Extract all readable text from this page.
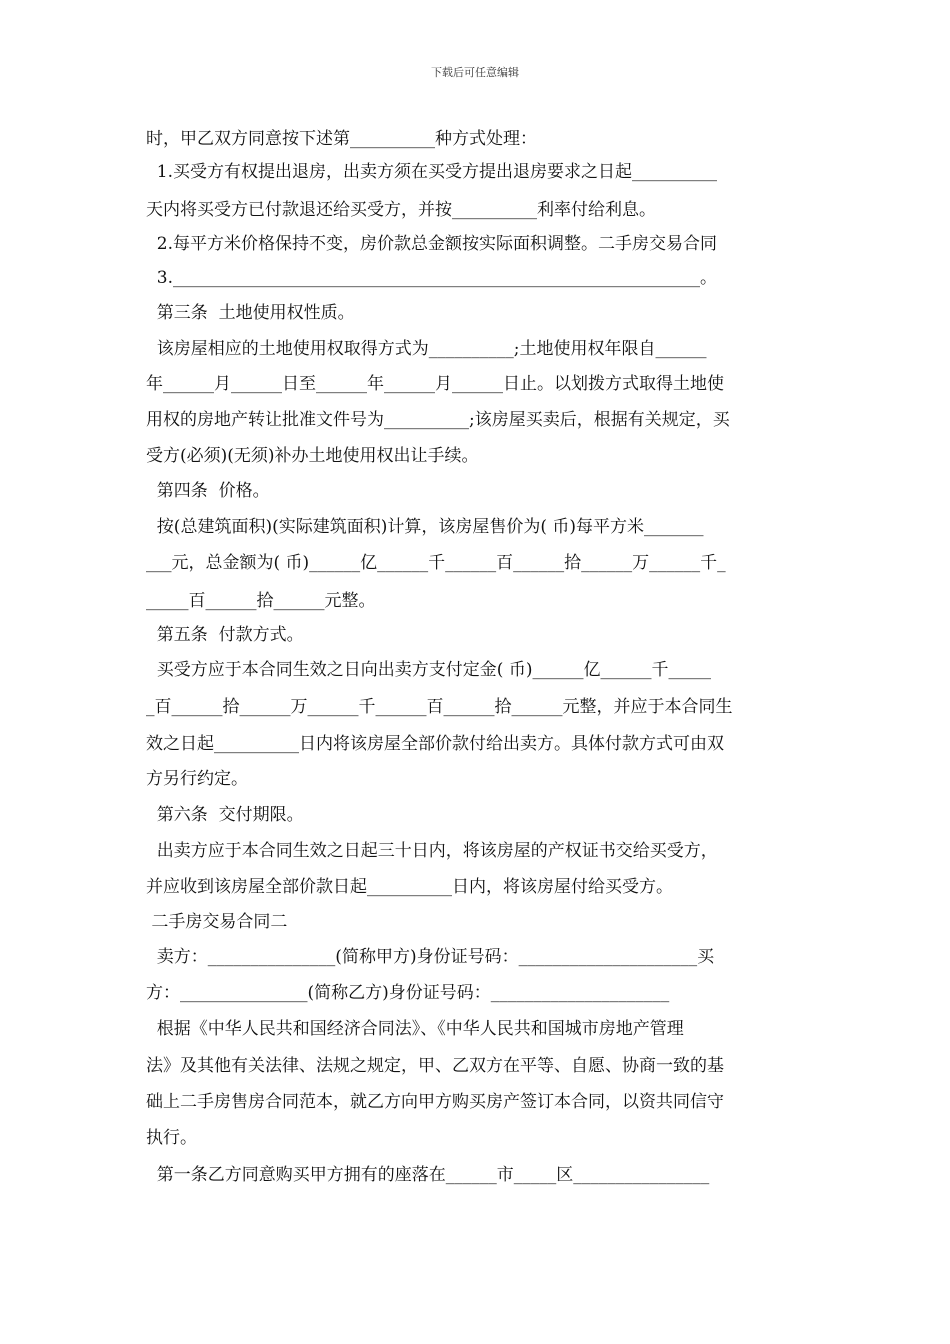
下载后可任意编辑
时，甲乙双方同意按下述第__________种方式处理：
1.买受方有权提出退房，出卖方须在买受方提出退房要求之日起__________
天内将买受方已付款退还给买受方，并按__________利率付给利息。
2.每平方米价格保持不变，房价款总金额按实际面积调整。二手房交易合同
3.______________________________________________________________。
第三条  土地使用权性质。
该房屋相应的土地使用权取得方式为__________;土地使用权年限自______
年______月______日至______年______月______日止。以划拨方式取得土地使
用权的房地产转让批准文件号为__________;该房屋买卖后，根据有关规定，买
受方(必须)(无须)补办土地使用权出让手续。
第四条  价格。
按(总建筑面积)(实际建筑面积)计算，该房屋售价为( 币)每平方米_______
___元，总金额为( 币)______亿______千______百______拾______万______千_
_____百______拾______元整。
第五条  付款方式。
买受方应于本合同生效之日向出卖方支付定金( 币)______亿______千_____
_百______拾______万______千______百______拾______元整，并应于本合同生
效之日起__________日内将该房屋全部价款付给出卖方。具体付款方式可由双
方另行约定。
第六条  交付期限。
出卖方应于本合同生效之日起三十日内，将该房屋的产权证书交给买受方，
并应收到该房屋全部价款日起__________日内，将该房屋付给买受方。
二手房交易合同二
卖方：_______________(简称甲方)身份证号码：_____________________买
方：_______________(简称乙方)身份证号码：_____________________
根据《中华人民共和国经济合同法》、《中华人民共和国城市房地产管理
法》及其他有关法律、法规之规定，甲、乙双方在平等、自愿、协商一致的基
础上二手房售房合同范本，就乙方向甲方购买房产签订本合同，以资共同信守
执行。
第一条乙方同意购买甲方拥有的座落在______市_____区________________
